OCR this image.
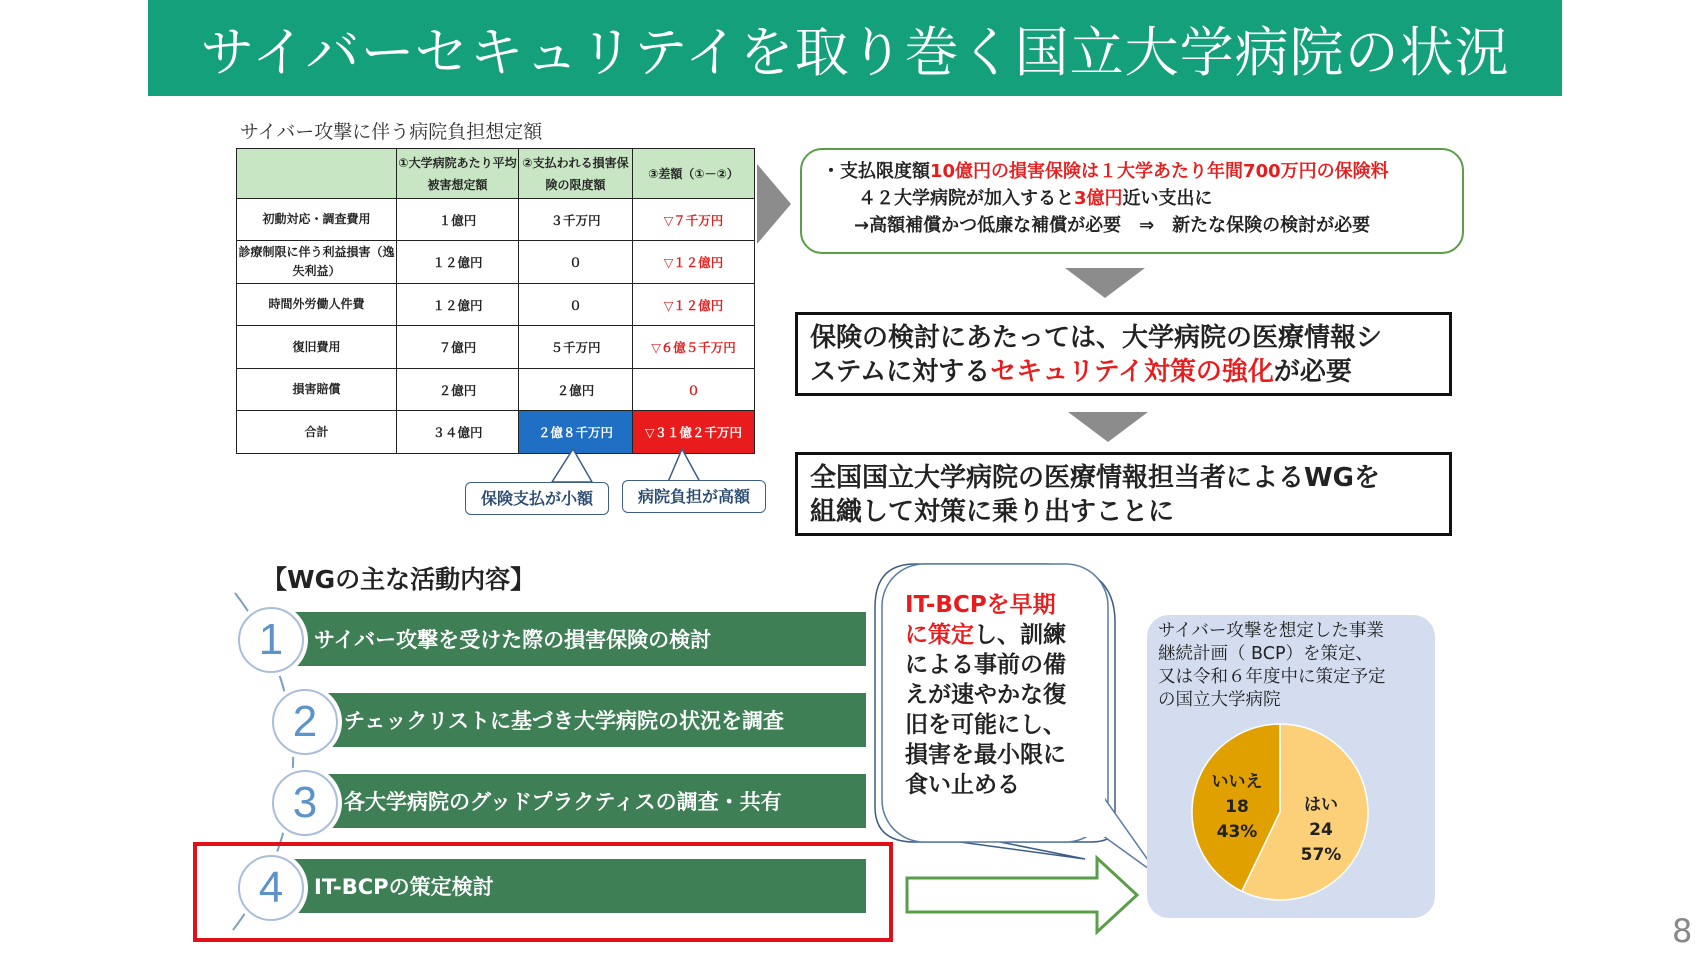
サイバーセキュリテイを取り巻く国立大学病院の状況
サイバー攻撃に伴う病院負担想定額
	①大学病院あたり平均被害想定額	②支払われる損害保険の限度額	③差額（①－②）
初動対応・調査費用	１億円	３千万円	▽７千万円
診療制限に伴う利益損害（逸失利益）	１２億円	０	▽１２億円
時間外労働人件費	１２億円	０	▽１２億円
復旧費用	７億円	５千万円	▽６億５千万円
損害賠償	２億円	２億円	０
合計	３４億円	２億８千万円	▽３１億２千万円
保険支払が小額	病院負担が高額
・支払限度額10億円の損害保険は１大学あたり年間700万円の保険料
４２大学病院が加入すると3億円近い支出に
→高額補償かつ低廉な補償が必要　⇒　新たな保険の検討が必要
保険の検討にあたっては、大学病院の医療情報シ
ステムに対するセキュリテイ対策の強化が必要
全国国立大学病院の医療情報担当者によるWGを
組織して対策に乗り出すことに
【WGの主な活動内容】
サイバー攻撃を受けた際の損害保険の検討
チェックリストに基づき大学病院の状況を調査
各大学病院のグッドプラクティスの調査・共有
IT-BCPの策定検討
1
2
3
4
IT-BCPを早期
に策定し、訓練
による事前の備
えが速やかな復
旧を可能にし、
損害を最小限に
食い止める
サイバー攻撃を想定した事業
継続計画（ BCP）を策定、
又は令和６年度中に策定予定
の国立大学病院
いいえ
18
43%
はい
24
57%
8
